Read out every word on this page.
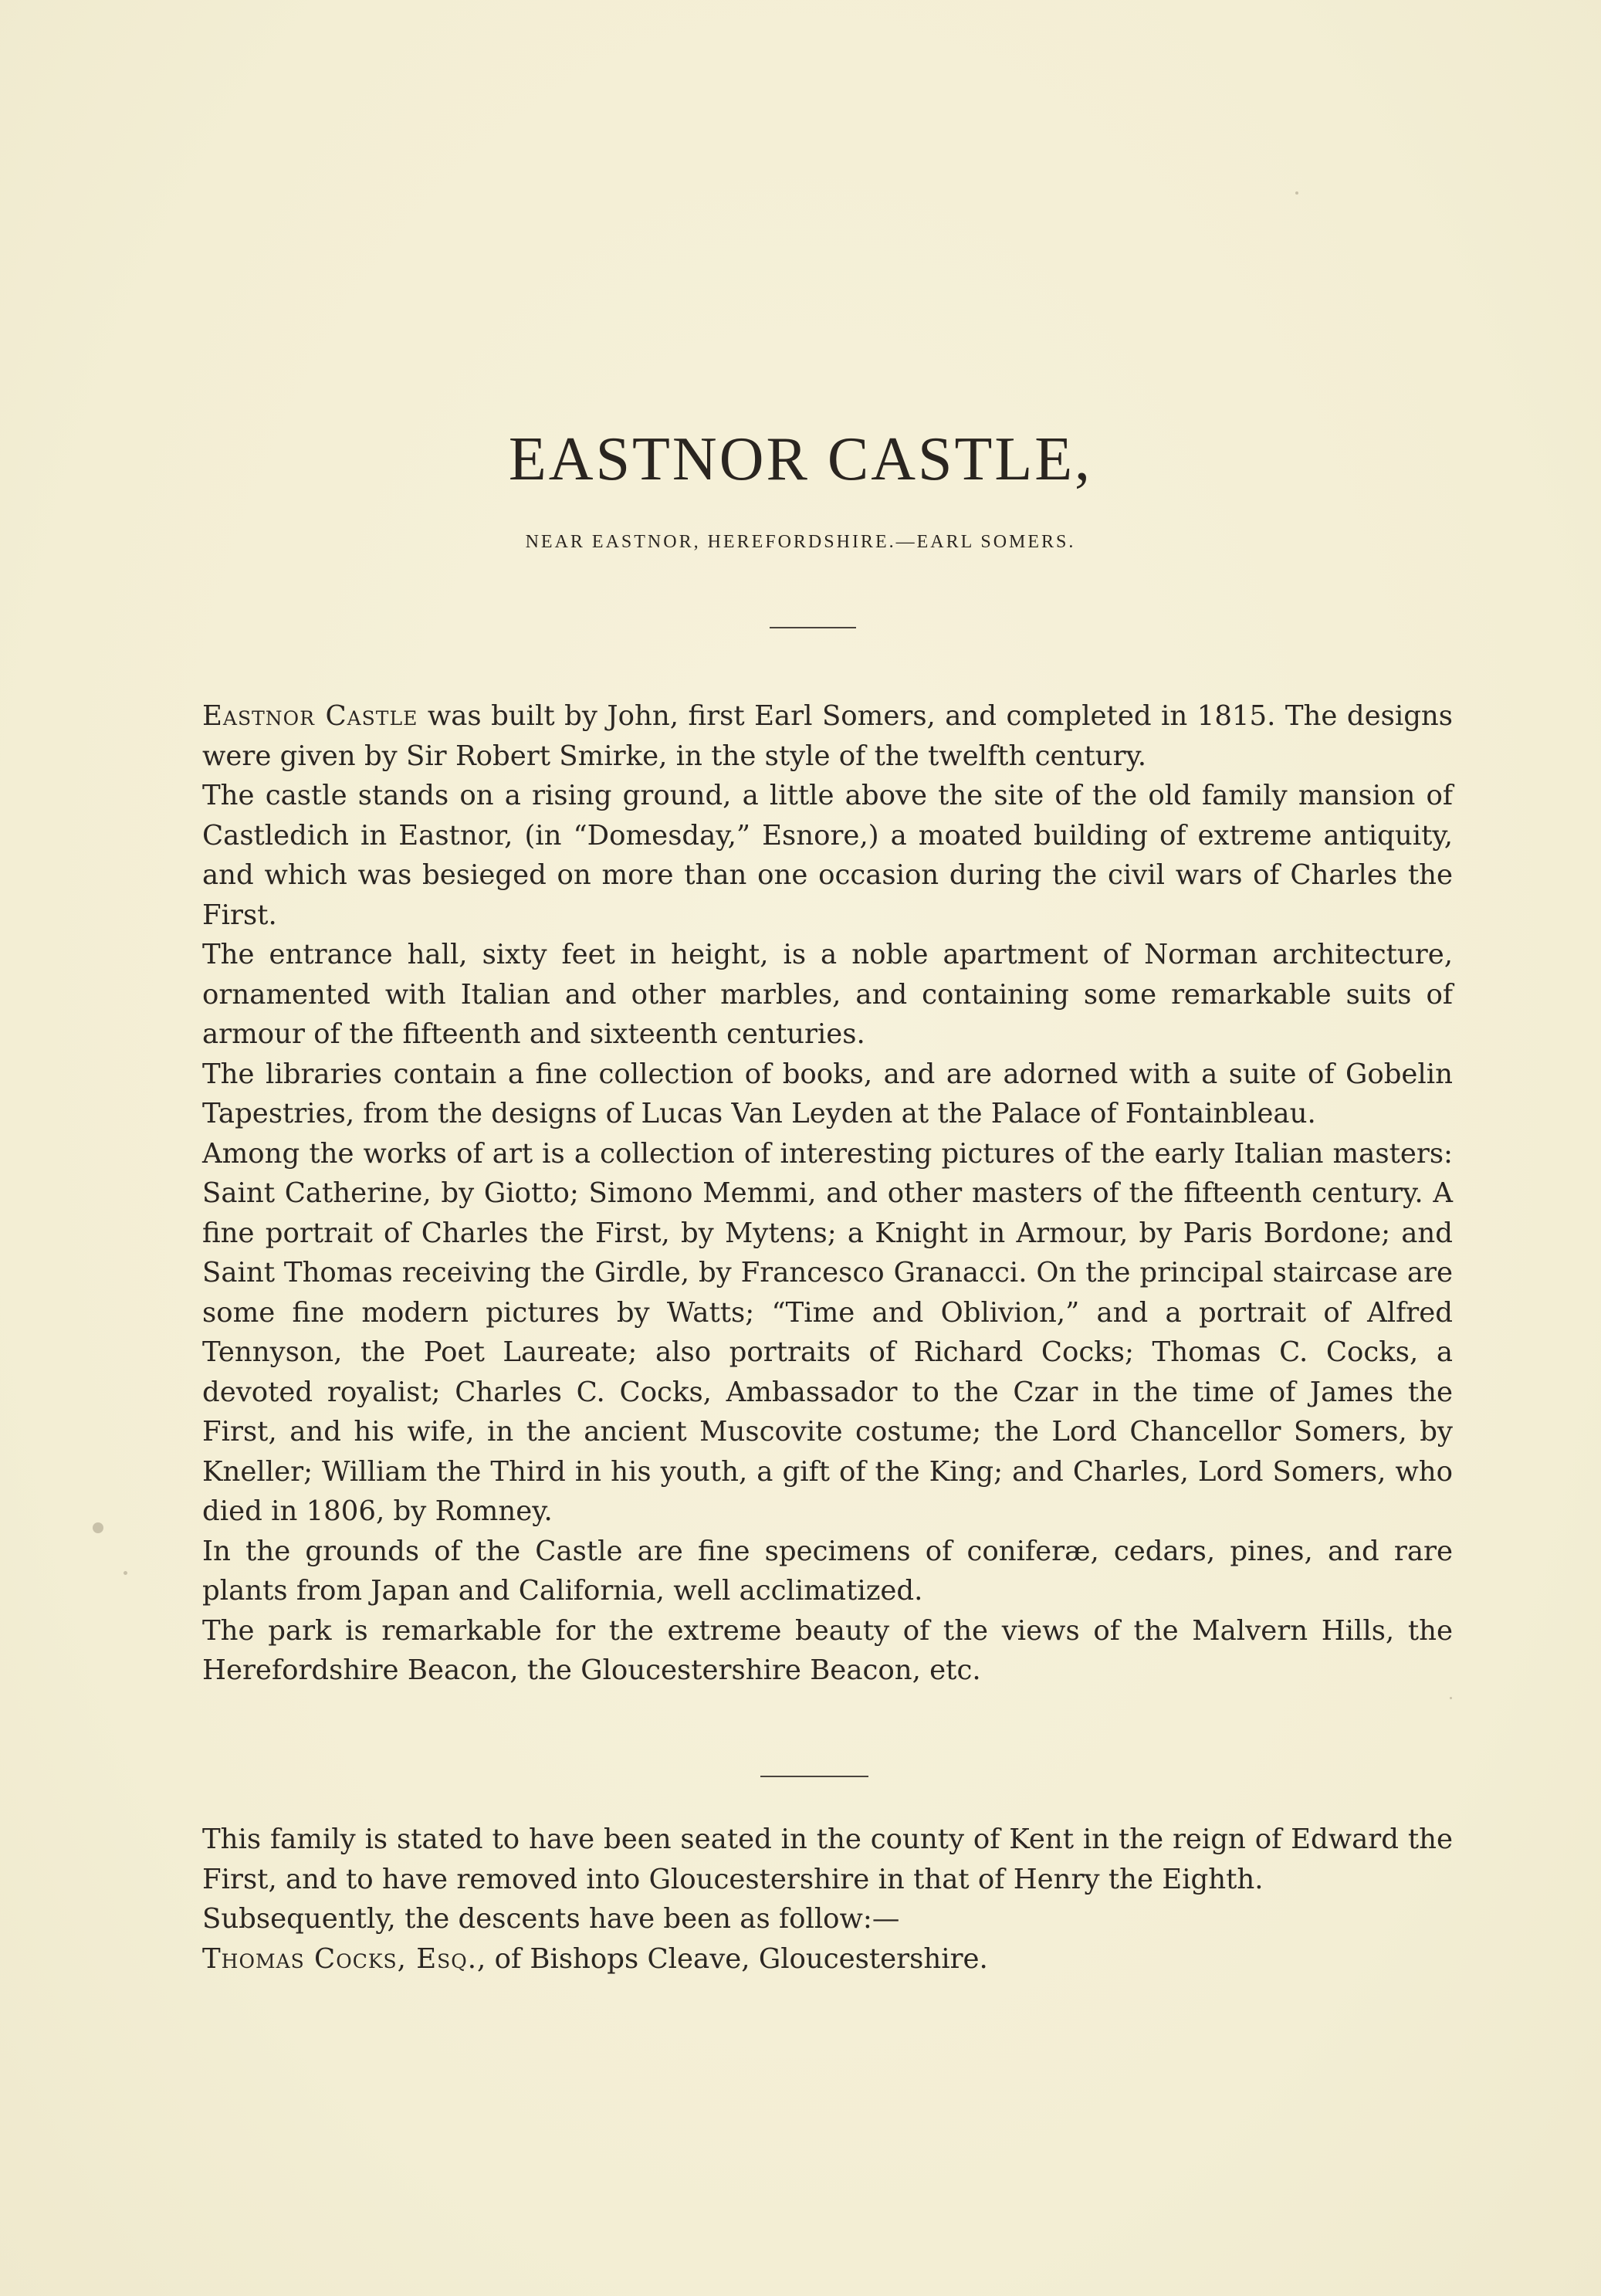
EASTNOR CASTLE,
NEAR EASTNOR, HEREFORDSHIRE.—EARL SOMERS.

Eastnor Castle was built by John, first Earl Somers, and completed in 1815. The designs were given by Sir Robert Smirke, in the style of the twelfth century.

The castle stands on a rising ground, a little above the site of the old family mansion of Castledich in Eastnor, (in “Domesday,” Esnore,) a moated building of extreme antiquity, and which was besieged on more than one occasion during the civil wars of Charles the First.

The entrance hall, sixty feet in height, is a noble apartment of Norman architecture, ornamented with Italian and other marbles, and containing some remarkable suits of armour of the fifteenth and sixteenth centuries.

The libraries contain a fine collection of books, and are adorned with a suite of Gobelin Tapestries, from the designs of Lucas Van Leyden at the Palace of Fontainbleau.

Among the works of art is a collection of interesting pictures of the early Italian masters: Saint Catherine, by Giotto; Simono Memmi, and other masters of the fifteenth century. A fine portrait of Charles the First, by Mytens; a Knight in Armour, by Paris Bordone; and Saint Thomas receiving the Girdle, by Francesco Granacci. On the principal staircase are some fine modern pictures by Watts; “Time and Oblivion,” and a portrait of Alfred Tennyson, the Poet Laureate; also portraits of Richard Cocks; Thomas C. Cocks, a devoted royalist; Charles C. Cocks, Ambassador to the Czar in the time of James the First, and his wife, in the ancient Muscovite costume; the Lord Chancellor Somers, by Kneller; William the Third in his youth, a gift of the King; and Charles, Lord Somers, who died in 1806, by Romney.

In the grounds of the Castle are fine specimens of coniferæ, cedars, pines, and rare plants from Japan and California, well acclimatized.

The park is remarkable for the extreme beauty of the views of the Malvern Hills, the Herefordshire Beacon, the Gloucestershire Beacon, etc.

This family is stated to have been seated in the county of Kent in the reign of Edward the First, and to have removed into Gloucestershire in that of Henry the Eighth.

Subsequently, the descents have been as follow:—

Thomas Cocks, Esq., of Bishops Cleave, Gloucestershire.
